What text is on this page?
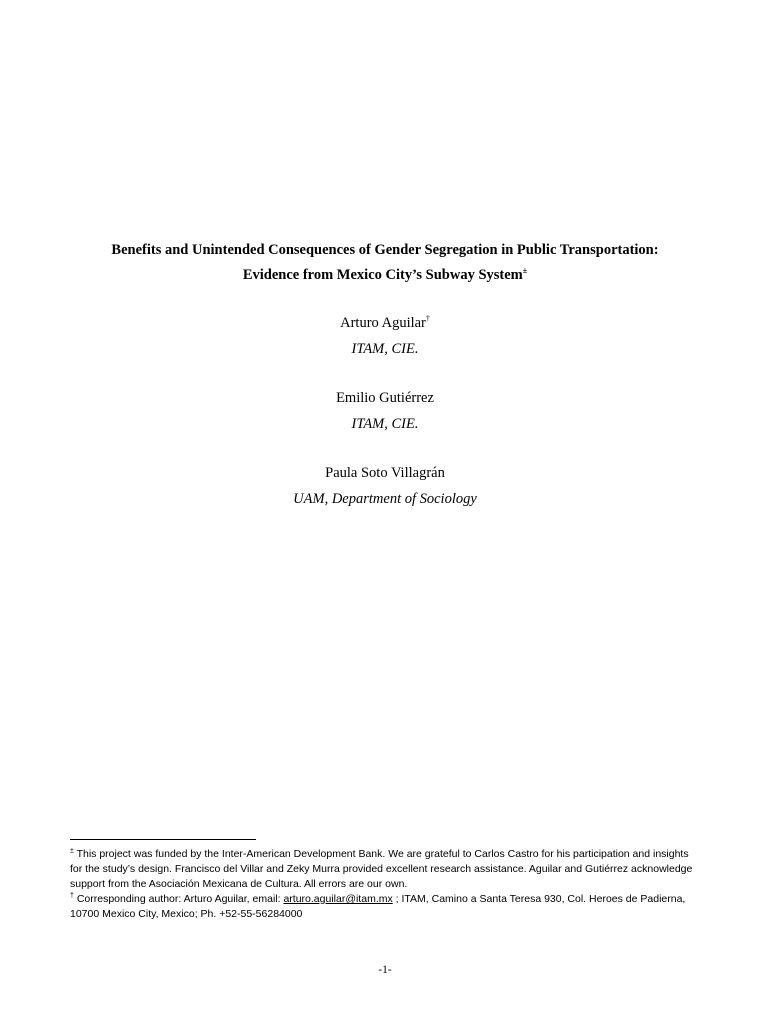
Benefits and Unintended Consequences of Gender Segregation in Public Transportation:
Evidence from Mexico City’s Subway System±
Arturo Aguilar†
ITAM, CIE.
Emilio Gutiérrez
ITAM, CIE.
Paula Soto Villagrán
UAM, Department of Sociology

± This project was funded by the Inter-American Development Bank. We are grateful to Carlos Castro for his participation and insights for the study’s design. Francisco del Villar and Zeky Murra provided excellent research assistance. Aguilar and Gutiérrez acknowledge support from the Asociación Mexicana de Cultura. All errors are our own.

† Corresponding author: Arturo Aguilar, email: arturo.aguilar@itam.mx ; ITAM, Camino a Santa Teresa 930, Col. Heroes de Padierna, 10700 Mexico City, Mexico; Ph. +52-55-56284000

-1-
